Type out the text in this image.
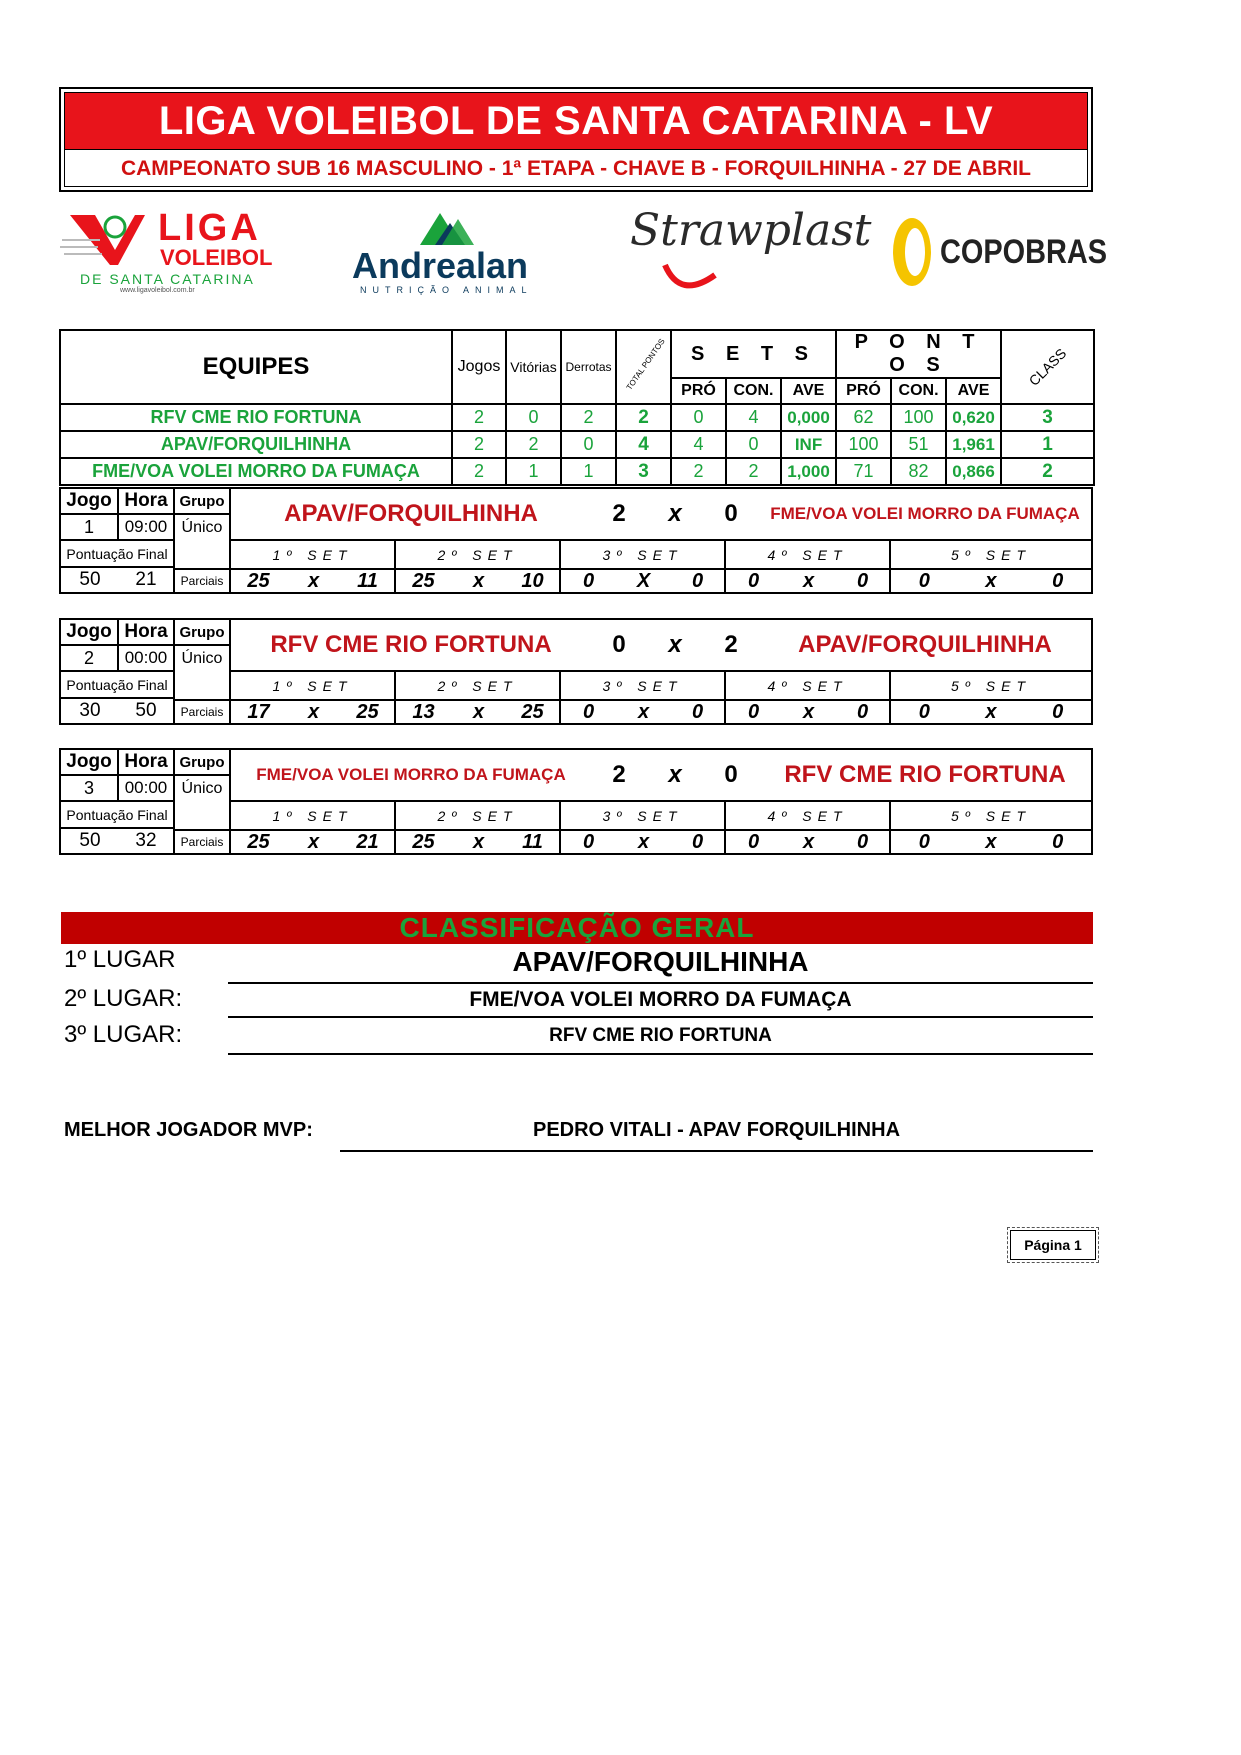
LIGA VOLEIBOL DE SANTA CATARINA - LV
CAMPEONATO SUB 16 MASCULINO - 1ª ETAPA - CHAVE B - FORQUILHINHA - 27 DE ABRIL
LIGA
VOLEIBOL
DE SANTA CATARINA
www.ligavoleibol.com.br
Andrealan
NUTRIÇÃO ANIMAL
Strawplast COPOBRAS
EQUIPES	Jogos	Vitórias	Derrotas	TOTAL PONTOS	S E T S			P O N T O S			CLASS

					PRÓ	CON.	AVE	PRÓ	CON.	AVE	
RFV CME RIO FORTUNA	2	0	2	2	0	4	0,000	62	100	0,620	3
APAV/FORQUILHINHA	2	2	0	4	4	0	INF	100	51	1,961	1
FME/VOA VOLEI MORRO DA FUMAÇA	2	1	1	3	2	2	1,000	71	82	0,866	2
Jogo Hora Grupo
1	09:00 Único
Pontuação Final
50	21	Parciais
APAV/FORQUILHINHA	2	x	0	FME/VOA VOLEI MORRO DA FUMAÇA
1º SET
25	x	11
2º SET
25	x	10
3º SET
0	X	0
4º SET
0	x	0
5º SET
0	x	0
Jogo Hora Grupo
2	00:00 Único
Pontuação Final
30	50	Parciais
RFV CME RIO FORTUNA	0	x	2	APAV/FORQUILHINHA
1º SET
17	x	25
2º SET
13	x	25
3º SET
0	x	0
4º SET
0	x	0
5º SET
0	x	0
Jogo Hora Grupo
3	00:00 Único
Pontuação Final
50	32	Parciais
FME/VOA VOLEI MORRO DA FUMAÇA	2	x	0	RFV CME RIO FORTUNA
1º SET
25	x	21
2º SET
25	x	11
3º SET
0	x	0
4º SET
0	x	0
5º SET
0	x	0
CLASSIFICAÇÃO GERAL
1º LUGAR	APAV/FORQUILHINHA
2º LUGAR:	FME/VOA VOLEI MORRO DA FUMAÇA
3º LUGAR:	RFV CME RIO FORTUNA
MELHOR JOGADOR MVP:	PEDRO VITALI - APAV FORQUILHINHA
Página 1
